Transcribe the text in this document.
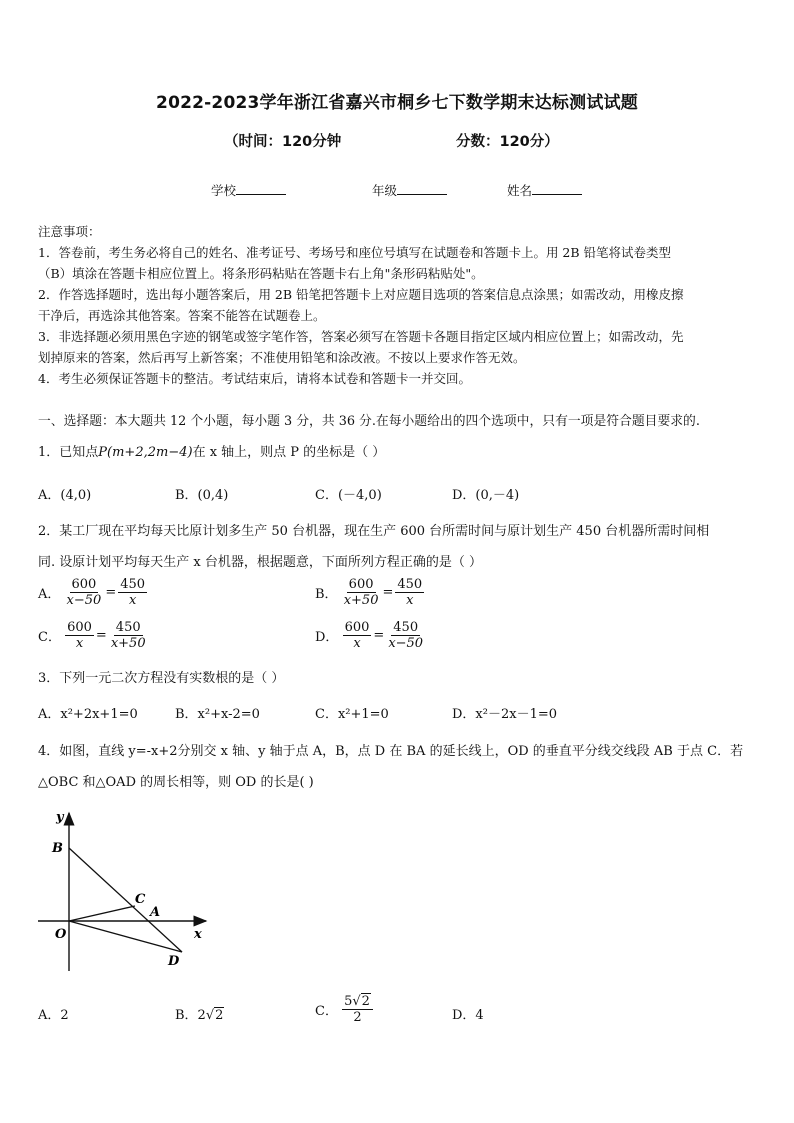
2022-2023学年浙江省嘉兴市桐乡七下数学期末达标测试试题
（时间：120分钟	分数：120分）
学校	年级	姓名
注意事项：
1．答卷前，考生务必将自己的姓名、准考证号、考场号和座位号填写在试题卷和答题卡上。用 2B 铅笔将试卷类型
（B）填涂在答题卡相应位置上。将条形码粘贴在答题卡右上角"条形码粘贴处"。
2．作答选择题时，选出每小题答案后，用 2B 铅笔把答题卡上对应题目选项的答案信息点涂黑；如需改动，用橡皮擦
干净后，再选涂其他答案。答案不能答在试题卷上。
3．非选择题必须用黑色字迹的钢笔或签字笔作答，答案必须写在答题卡各题目指定区域内相应位置上；如需改动，先
划掉原来的答案，然后再写上新答案；不准使用铅笔和涂改液。不按以上要求作答无效。
4．考生必须保证答题卡的整洁。考试结束后，请将本试卷和答题卡一并交回。
一、选择题：本大题共 12 个小题，每小题 3 分，共 36 分.在每小题给出的四个选项中，只有一项是符合题目要求的.
1．已知点P(m+2,2m−4)在 x 轴上，则点 P 的坐标是（ ）
A．(4,0)	B．(0,4)	C．(－4,0)	D．(0,－4)
2．某工厂现在平均每天比原计划多生产 50 台机器，现在生产 600 台所需时间与原计划生产 450 台机器所需时间相
同. 设原计划平均每天生产 x 台机器，根据题意，下面所列方程正确的是（ ）
A． $\frac{600}{x-50} = \frac{450}{x}$	B． $\frac{600}{x+50} = \frac{450}{x}$
C． $\frac{600}{x} = \frac{450}{x+50}$	D． $\frac{600}{x} = \frac{450}{x-50}$
3．下列一元二次方程没有实数根的是（ ）
A．x²+2x+1=0	B．x²+x-2=0	C．x²+1=0	D．x²－2x－1=0
4．如图，直线 y=-x+2分别交 x 轴、y 轴于点 A，B，点 D 在 BA 的延长线上，OD 的垂直平分线交线段 AB 于点 C．若
△OBC 和△OAD 的周长相等，则 OD 的长是( )
y
B
C
A
O	x
D
A．2	B．2√2	C． $\frac{5√2}{2}$	D．4
